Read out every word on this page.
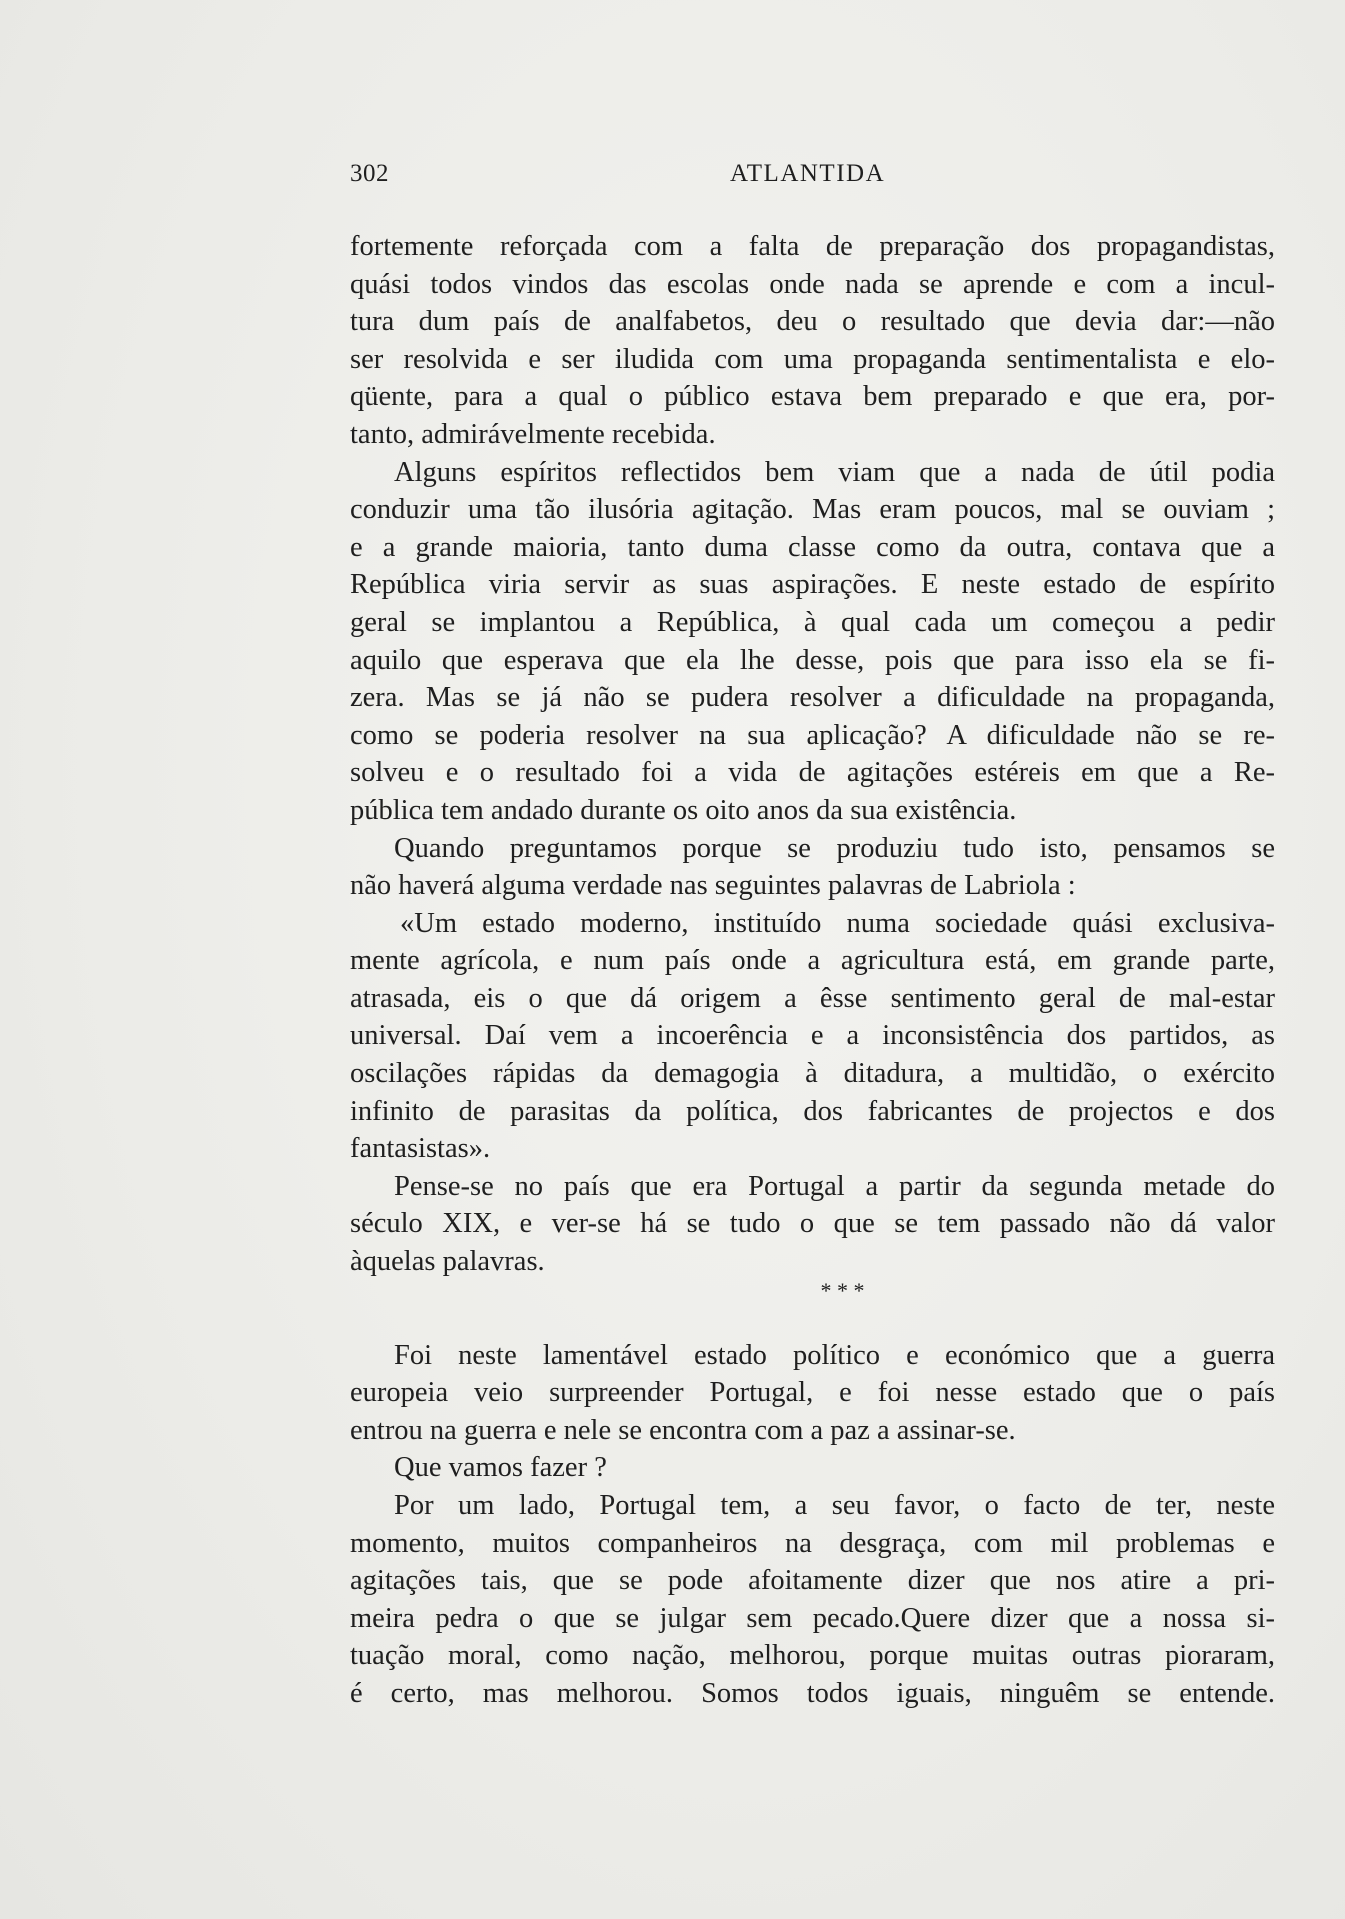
302	ATLANTIDA
fortemente reforçada com a falta de preparação dos propagandistas,
quási todos vindos das escolas onde nada se aprende e com a incul-
tura dum país de analfabetos, deu o resultado que devia dar:—não
ser resolvida e ser iludida com uma propaganda sentimentalista e elo-
qüente, para a qual o público estava bem preparado e que era, por-
tanto, admirávelmente recebida.
Alguns espíritos reflectidos bem viam que a nada de útil podia
conduzir uma tão ilusória agitação. Mas eram poucos, mal se ouviam ;
e a grande maioria, tanto duma classe como da outra, contava que a
República viria servir as suas aspirações. E neste estado de espírito
geral se implantou a República, à qual cada um começou a pedir
aquilo que esperava que ela lhe desse, pois que para isso ela se fi-
zera. Mas se já não se pudera resolver a dificuldade na propaganda,
como se poderia resolver na sua aplicação? A dificuldade não se re-
solveu e o resultado foi a vida de agitações estéreis em que a Re-
pública tem andado durante os oito anos da sua existência.
Quando preguntamos porque se produziu tudo isto, pensamos se
não haverá alguma verdade nas seguintes palavras de Labriola :
«Um estado moderno, instituído numa sociedade quási exclusiva-
mente agrícola, e num país onde a agricultura está, em grande parte,
atrasada, eis o que dá origem a êsse sentimento geral de mal-estar
universal. Daí vem a incoerência e a inconsistência dos partidos, as
oscilações rápidas da demagogia à ditadura, a multidão, o exército
infinito de parasitas da política, dos fabricantes de projectos e dos
fantasistas».
Pense-se no país que era Portugal a partir da segunda metade do
século XIX, e ver-se há se tudo o que se tem passado não dá valor
àquelas palavras.
* * *
Foi neste lamentável estado político e económico que a guerra
europeia veio surpreender Portugal, e foi nesse estado que o país
entrou na guerra e nele se encontra com a paz a assinar-se.
Que vamos fazer ?
Por um lado, Portugal tem, a seu favor, o facto de ter, neste
momento, muitos companheiros na desgraça, com mil problemas e
agitações tais, que se pode afoitamente dizer que nos atire a pri-
meira pedra o que se julgar sem pecado.Quere dizer que a nossa si-
tuação moral, como nação, melhorou, porque muitas outras pioraram,
é certo, mas melhorou. Somos todos iguais, ninguêm se entende.
